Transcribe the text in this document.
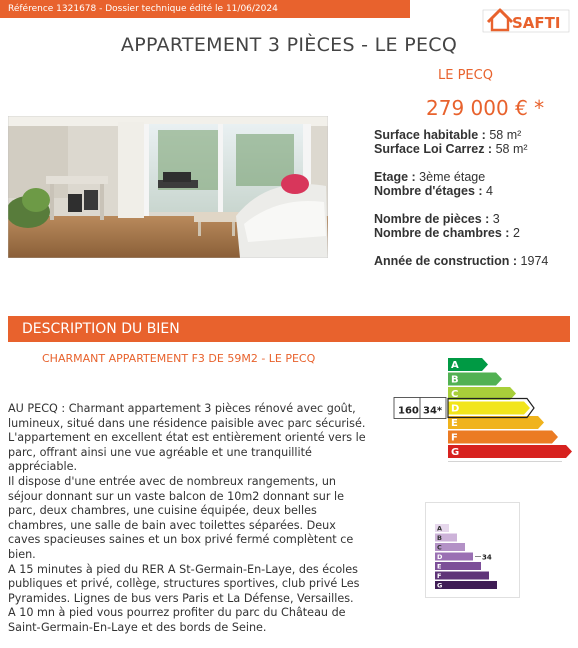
Référence 1321678 - Dossier technique édité le 11/06/2024
SAFTI
APPARTEMENT 3 PIÈCES - LE PECQ
LE PECQ
279 000 € *
Surface habitable : 58 m²
Surface Loi Carrez : 58 m²
Etage : 3ème étage
Nombre d'étages : 4
Nombre de pièces : 3
Nombre de chambres : 2
Année de construction : 1974
DESCRIPTION DU BIEN
CHARMANT APPARTEMENT F3 DE 59M2 - LE PECQ

AU PECQ : Charmant appartement 3 pièces rénové avec goût, lumineux, situé dans une résidence paisible avec parc sécurisé. L'appartement en excellent état est entièrement orienté vers le parc, offrant ainsi une vue agréable et une tranquillité appréciable.

Il dispose d'une entrée avec de nombreux rangements, un séjour donnant sur un vaste balcon de 10m2 donnant sur le parc, deux chambres, une cuisine équipée, deux belles chambres, une salle de bain avec toilettes séparées. Deux caves spacieuses saines et un box privé fermé complètent ce bien.

A 15 minutes à pied du RER A St-Germain-En-Laye, des écoles publiques et privé, collège, structures sportives, club privé Les Pyramides. Lignes de bus vers Paris et La Défense, Versailles.

A 10 mn à pied vous pourrez profiter du parc du Château de Saint-Germain-En-Laye et des bords de Seine.

A
B
C
D
E
F
G
160 34*
A
B
C
D
E
F
G
34
